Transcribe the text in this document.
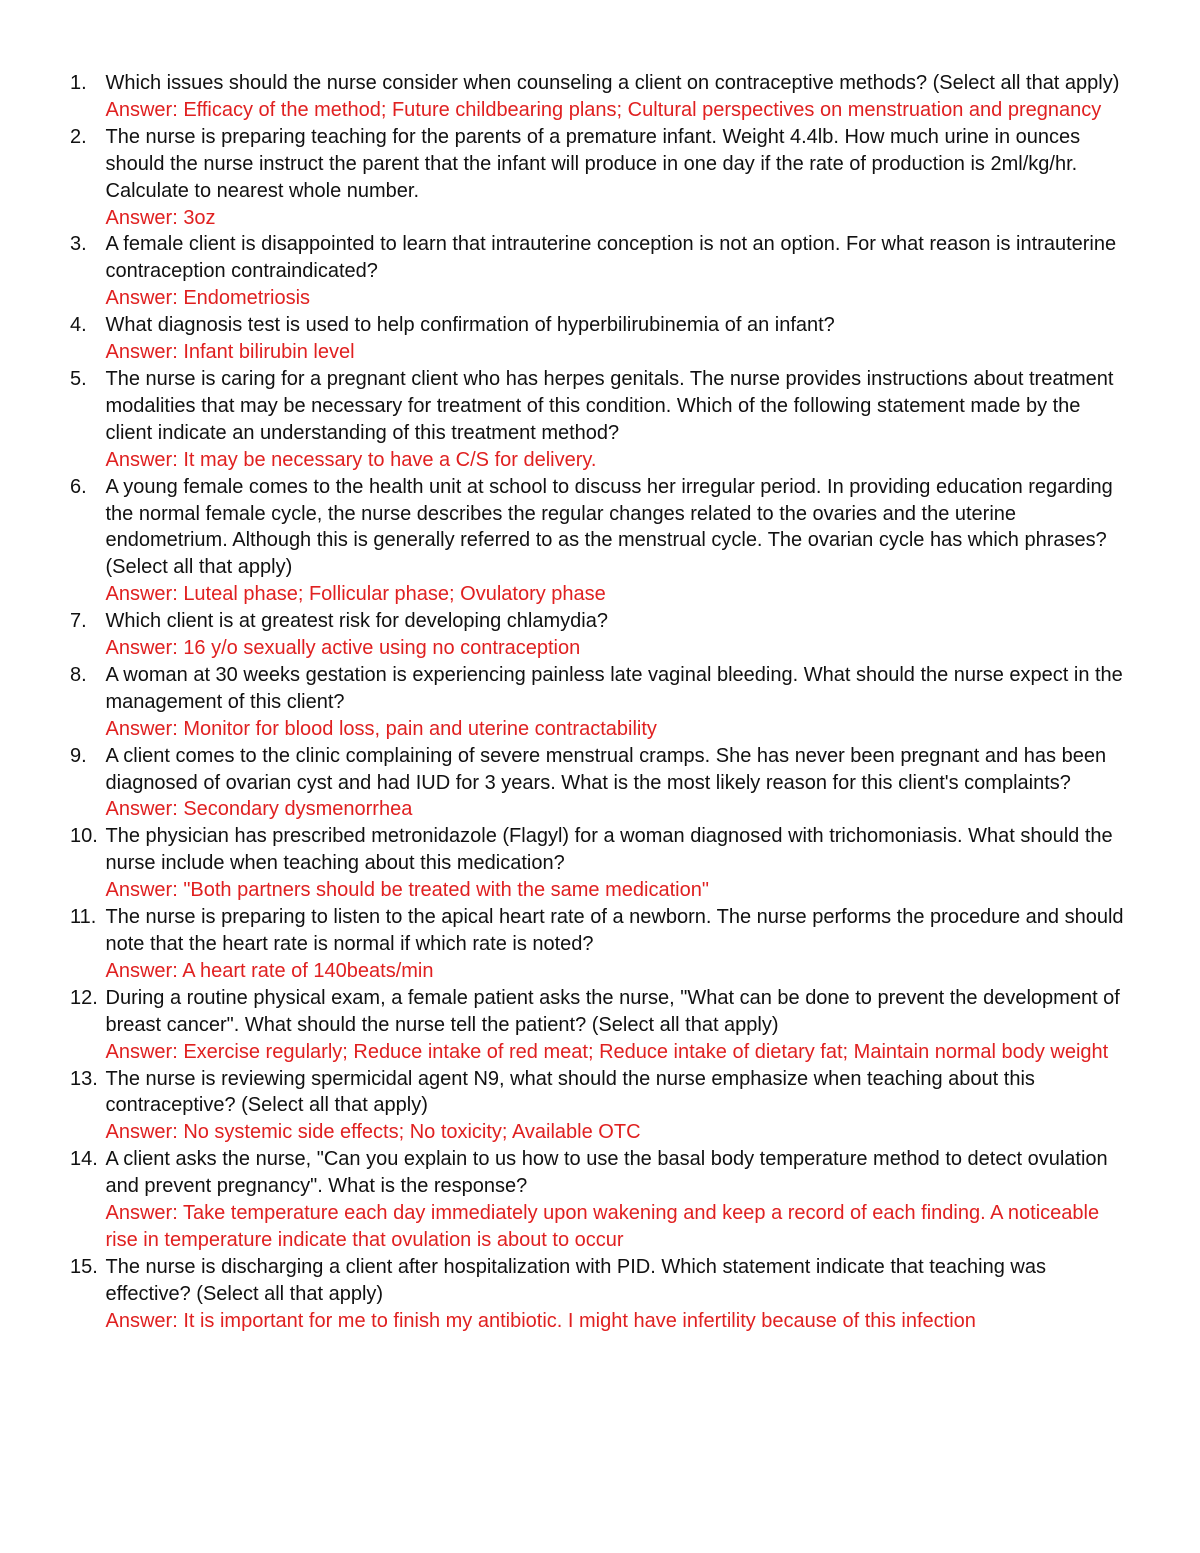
1. Which issues should the nurse consider when counseling a client on contraceptive methods? (Select all that apply)
Answer: Efficacy of the method; Future childbearing plans; Cultural perspectives on menstruation and pregnancy
2. The nurse is preparing teaching for the parents of a premature infant. Weight 4.4lb. How much urine in ounces should the nurse instruct the parent that the infant will produce in one day if the rate of production is 2ml/kg/hr. Calculate to nearest whole number.
Answer: 3oz
3. A female client is disappointed to learn that intrauterine conception is not an option. For what reason is intrauterine contraception contraindicated?
Answer: Endometriosis
4. What diagnosis test is used to help confirmation of hyperbilirubinemia of an infant?
Answer: Infant bilirubin level
5. The nurse is caring for a pregnant client who has herpes genitals. The nurse provides instructions about treatment modalities that may be necessary for treatment of this condition. Which of the following statement made by the client indicate an understanding of this treatment method?
Answer: It may be necessary to have a C/S for delivery.
6. A young female comes to the health unit at school to discuss her irregular period. In providing education regarding the normal female cycle, the nurse describes the regular changes related to the ovaries and the uterine endometrium. Although this is generally referred to as the menstrual cycle. The ovarian cycle has which phrases? (Select all that apply)
Answer: Luteal phase; Follicular phase; Ovulatory phase
7. Which client is at greatest risk for developing chlamydia?
Answer: 16 y/o sexually active using no contraception
8. A woman at 30 weeks gestation is experiencing painless late vaginal bleeding. What should the nurse expect in the management of this client?
Answer: Monitor for blood loss, pain and uterine contractability
9. A client comes to the clinic complaining of severe menstrual cramps. She has never been pregnant and has been diagnosed of ovarian cyst and had IUD for 3 years. What is the most likely reason for this client's complaints?
Answer: Secondary dysmenorrhea
10. The physician has prescribed metronidazole (Flagyl) for a woman diagnosed with trichomoniasis. What should the nurse include when teaching about this medication?
Answer: "Both partners should be treated with the same medication"
11. The nurse is preparing to listen to the apical heart rate of a newborn. The nurse performs the procedure and should note that the heart rate is normal if which rate is noted?
Answer: A heart rate of 140beats/min
12. During a routine physical exam, a female patient asks the nurse, "What can be done to prevent the development of breast cancer". What should the nurse tell the patient? (Select all that apply)
Answer: Exercise regularly; Reduce intake of red meat; Reduce intake of dietary fat; Maintain normal body weight
13. The nurse is reviewing spermicidal agent N9, what should the nurse emphasize when teaching about this contraceptive? (Select all that apply)
Answer: No systemic side effects; No toxicity; Available OTC
14. A client asks the nurse, "Can you explain to us how to use the basal body temperature method to detect ovulation and prevent pregnancy". What is the response?
Answer: Take temperature each day immediately upon wakening and keep a record of each finding. A noticeable rise in temperature indicate that ovulation is about to occur
15. The nurse is discharging a client after hospitalization with PID. Which statement indicate that teaching was effective? (Select all that apply)
Answer: It is important for me to finish my antibiotic. I might have infertility because of this infection
